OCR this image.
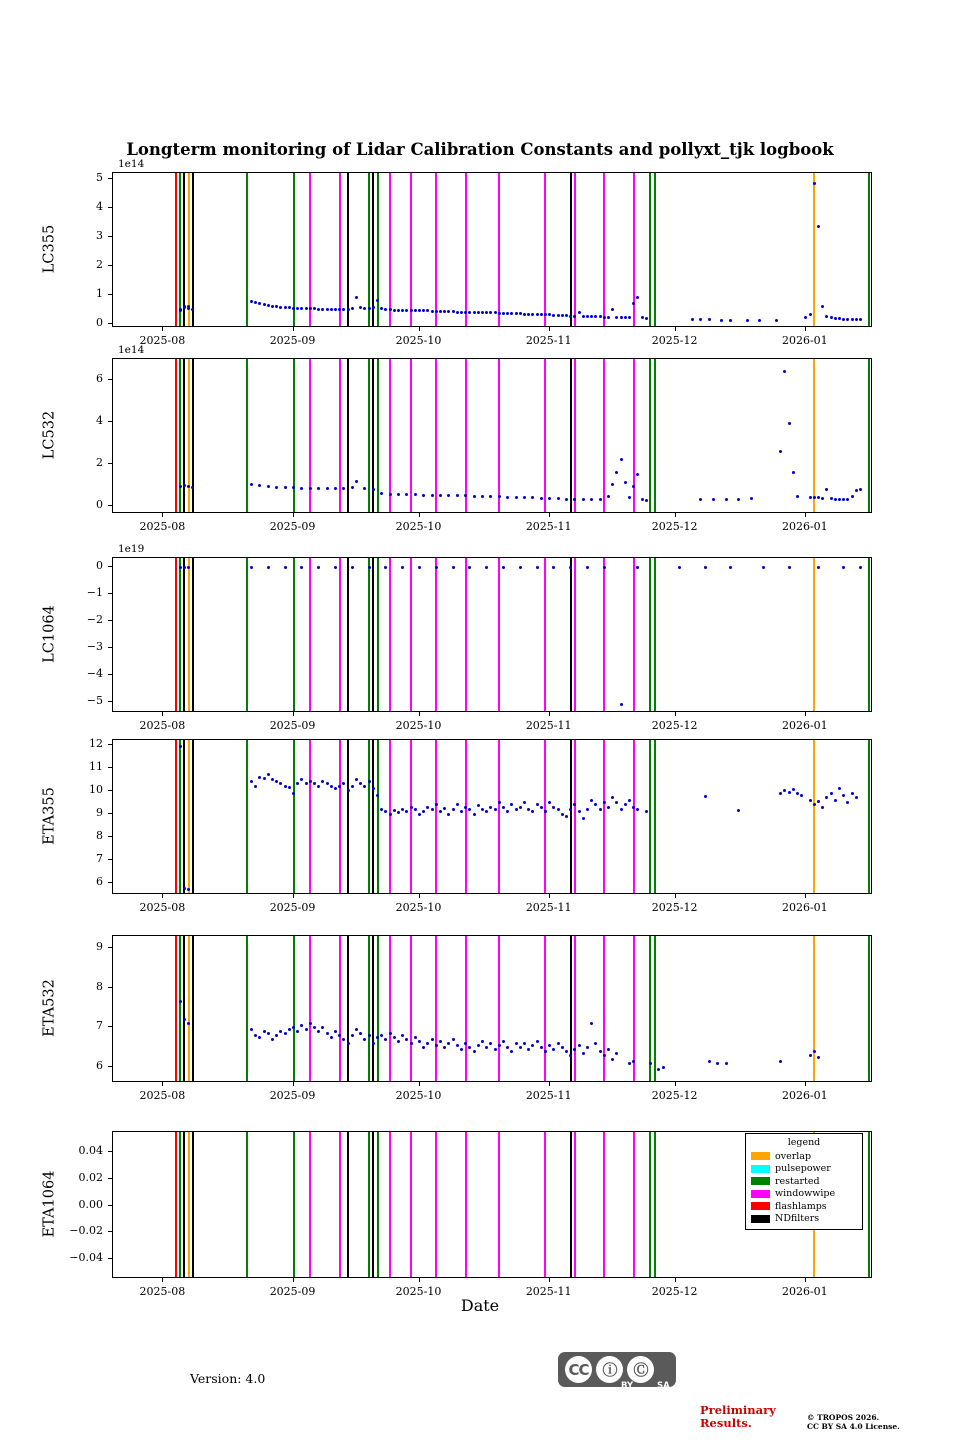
Longterm monitoring of Lidar Calibration Constants and pollyxt_tjk logbook
Date
Version: 4.0	CC ⓘ	Ⓒ
BY	SA
Preliminary
Results.	© TROPOS 2026.
CC BY SA 4.0 License.
LC355
1e14
0
1
2
3
4
5
2025-08	2025-09	2025-10	2025-11	2025-12	2026-01
LC532
1e14
0
2
4
6
2025-08	2025-09	2025-10	2025-11	2025-12	2026-01
LC1064
1e19
0
−1
−2
−3
−4
−5
2025-08	2025-09	2025-10	2025-11	2025-12	2026-01
ETA355
6
7
8
9
10
11
12
2025-08	2025-09	2025-10	2025-11	2025-12	2026-01
ETA532
6
7
8
9
2025-08	2025-09	2025-10	2025-11	2025-12	2026-01
ETA1064
−0.04
−0.02
0.00
0.02
0.04
2025-08	2025-09	2025-10	2025-11	2025-12	2026-01
legend
overlap
pulsepower
restarted
windowwipe
flashlamps
NDfilters
